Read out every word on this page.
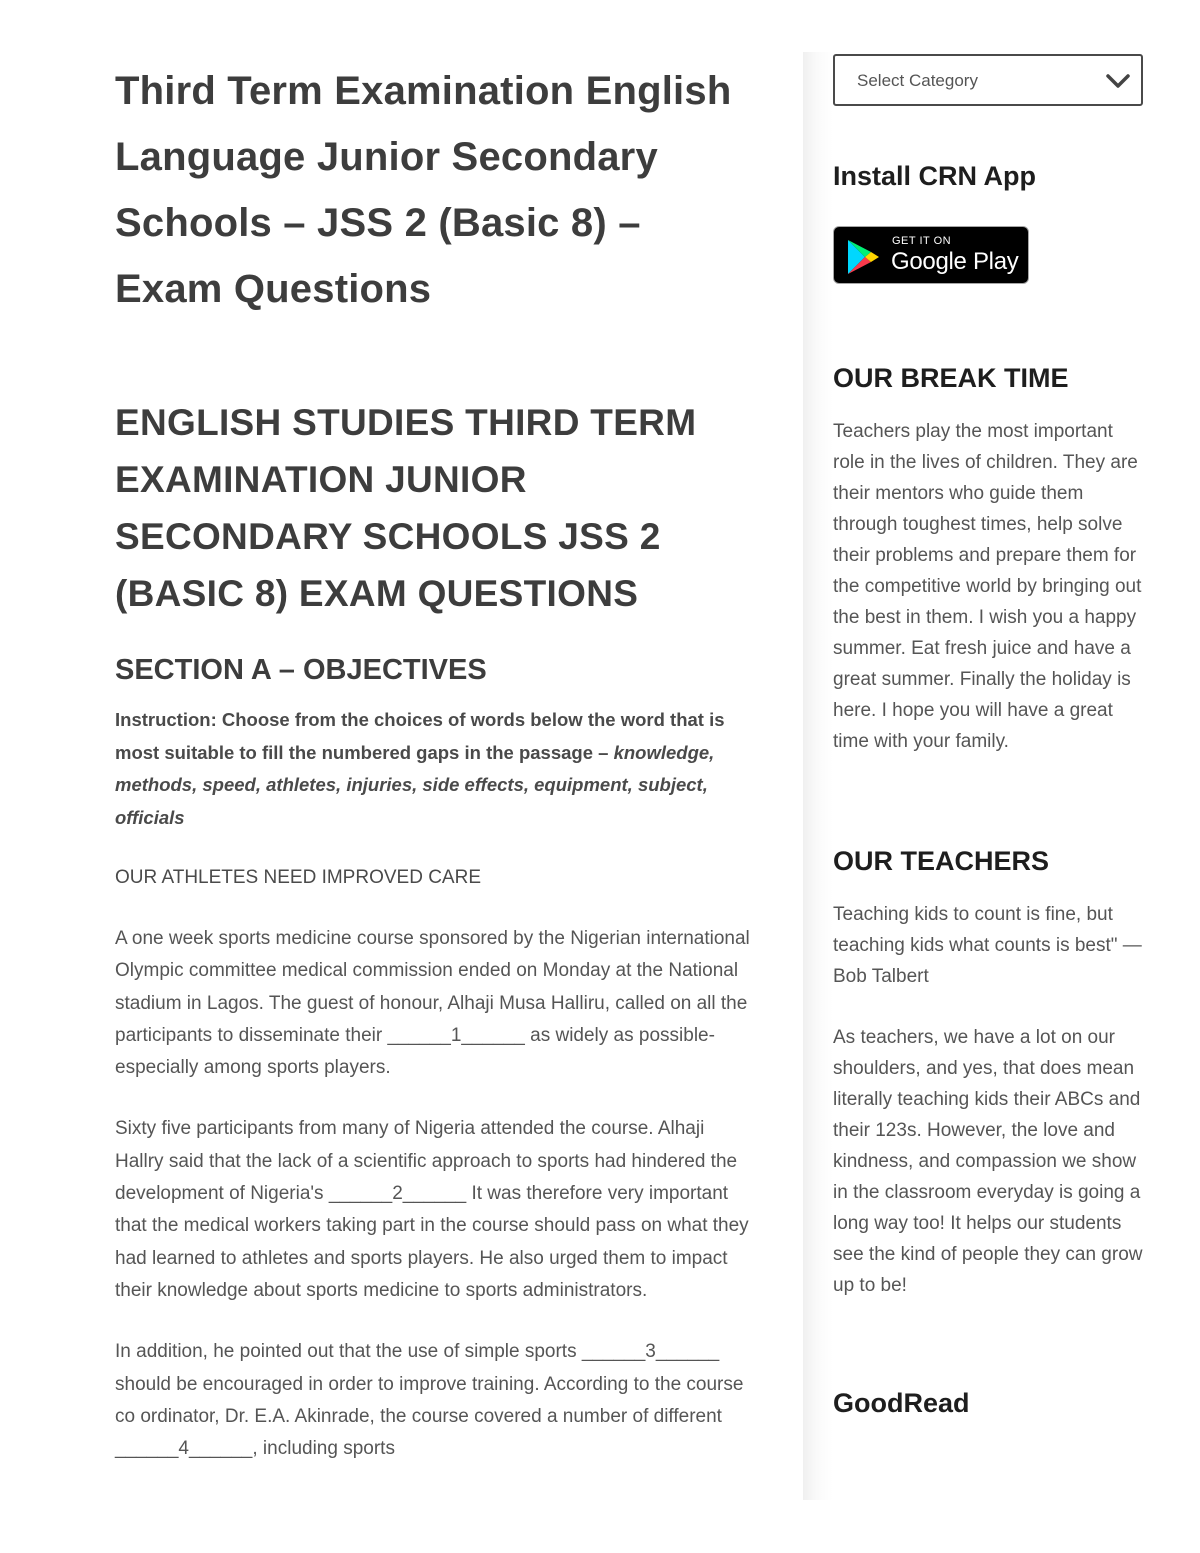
Third Term Examination English Language Junior Secondary Schools – JSS 2 (Basic 8) – Exam Questions
ENGLISH STUDIES THIRD TERM EXAMINATION JUNIOR SECONDARY SCHOOLS JSS 2 (BASIC 8) EXAM QUESTIONS
SECTION A – OBJECTIVES

Instruction: Choose from the choices of words below the word that is most suitable to fill the numbered gaps in the passage – knowledge, methods, speed, athletes, injuries, side effects, equipment, subject, officials

OUR ATHLETES NEED IMPROVED CARE

A one week sports medicine course sponsored by the Nigerian international Olympic committee medical commission ended on Monday at the National stadium in Lagos. The guest of honour, Alhaji Musa Halliru, called on all the participants to disseminate their ______1______ as widely as possible-especially among sports players.

Sixty five participants from many of Nigeria attended the course. Alhaji Hallry said that the lack of a scientific approach to sports had hindered the development of Nigeria's ______2______ It was therefore very important that the medical workers taking part in the course should pass on what they had learned to athletes and sports players. He also urged them to impact their knowledge about sports medicine to sports administrators.

In addition, he pointed out that the use of simple sports ______3______ should be encouraged in order to improve training. According to the course co ordinator, Dr. E.A. Akinrade, the course covered a number of different ______4______, including sports

Select Category
Install CRN App
GET IT ON
Google Play
OUR BREAK TIME

Teachers play the most important role in the lives of children. They are their mentors who guide them through toughest times, help solve their problems and prepare them for the competitive world by bringing out the best in them. I wish you a happy summer. Eat fresh juice and have a great summer. Finally the holiday is here. I hope you will have a great time with your family.

OUR TEACHERS

Teaching kids to count is fine, but teaching kids what counts is best" — Bob Talbert

As teachers, we have a lot on our shoulders, and yes, that does mean literally teaching kids their ABCs and their 123s. However, the love and kindness, and compassion we show in the classroom everyday is going a long way too! It helps our students see the kind of people they can grow up to be!

GoodRead
